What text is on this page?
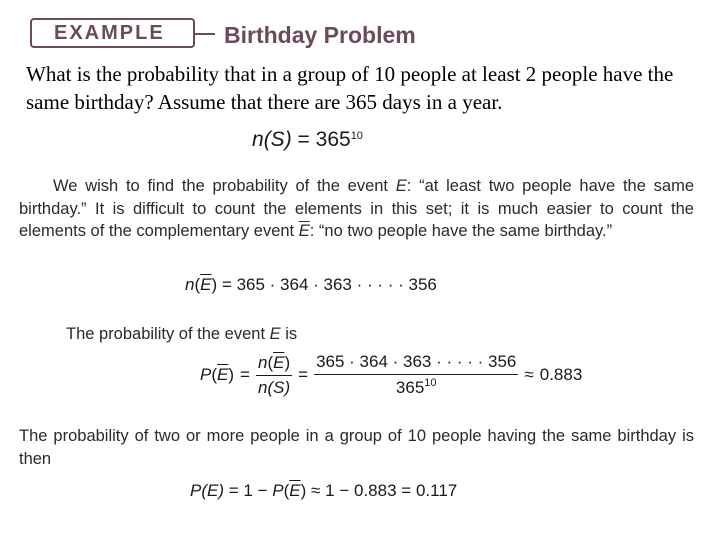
EXAMPLE	Birthday Problem
What is the probability that in a group of 10 people at least 2 people have the same birthday? Assume that there are 365 days in a year.
$n(S) = 365^{10}$
We wish to find the probability of the event E: “at least two people have the same birthday.” It is difficult to count the elements in this set; it is much easier to count the elements of the complementary event $\overline{E}$: “no two people have the same birthday.”
$n(\overline{E}) = 365 \cdot 364 \cdot 363$ · · · · · 356
The probability of the event E is
$P(\overline{E}) = \frac{n(\overline{E})}{n(S)} = \frac{365 \cdot 364 \cdot 363 \cdot \cdot \cdot \cdot \cdot 356}{365^{10}} \approx 0.883$
The probability of two or more people in a group of 10 people having the same birthday is then
$P(E) = 1 - P(\overline{E}) \approx 1 - 0.883 = 0.117$
